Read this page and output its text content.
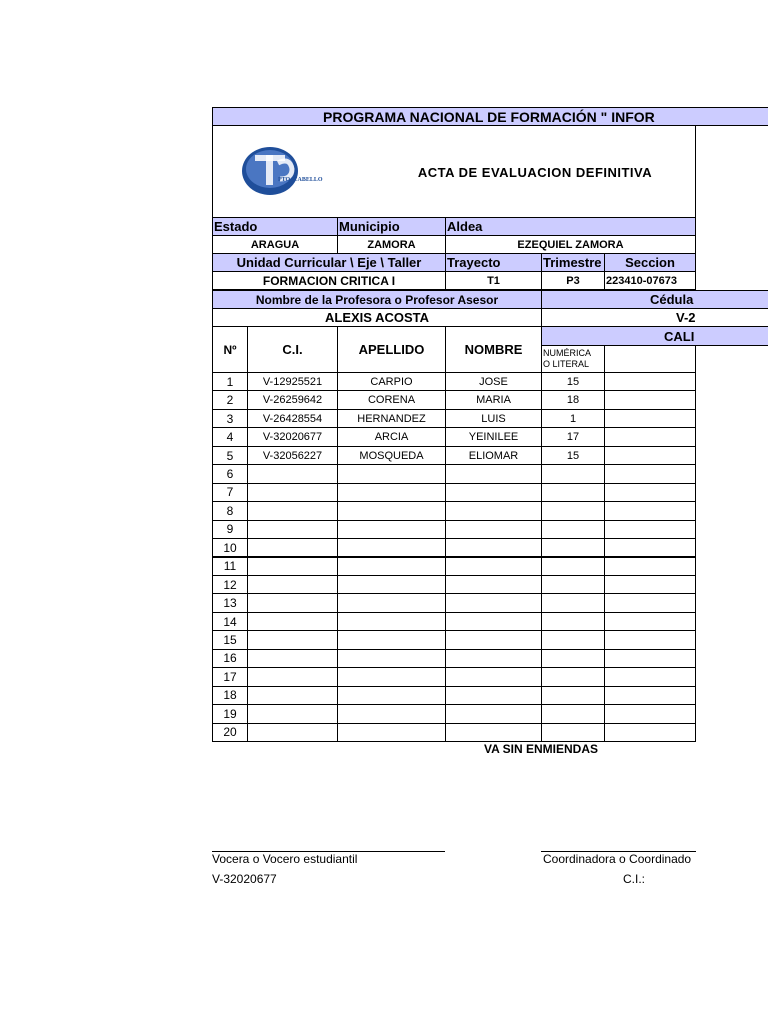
PROGRAMA NACIONAL DE FORMACIÓN " INFOR
PTO. CABELLO
ACTA DE EVALUACION DEFINITIVA
Estado	Municipio	Aldea
ARAGUA	ZAMORA	EZEQUIEL ZAMORA
Unidad Curricular \ Eje \ Taller	Trayecto	Trimestre	Seccion
FORMACION CRITICA I	T1	P3	223410-07673
Nombre de la Profesora o Profesor Asesor	Cédula
ALEXIS ACOSTA	V-2
Nº	C.I.	APELLIDO	NOMBRE
CALI
NUMÉRICA
O LITERAL
1	V-12925521	CARPIO	JOSE	15
2	V-26259642	CORENA	MARIA	18
3	V-26428554	HERNANDEZ	LUIS	1
4	V-32020677	ARCIA	YEINILEE	17
5	V-32056227	MOSQUEDA	ELIOMAR	15
6
7
8
9
10
11
12
13
14
15
16
17
18
19
20
VA SIN ENMIENDAS
Vocera o Vocero estudiantil
V-32020677
Coordinadora o Coordinado
C.I.:
